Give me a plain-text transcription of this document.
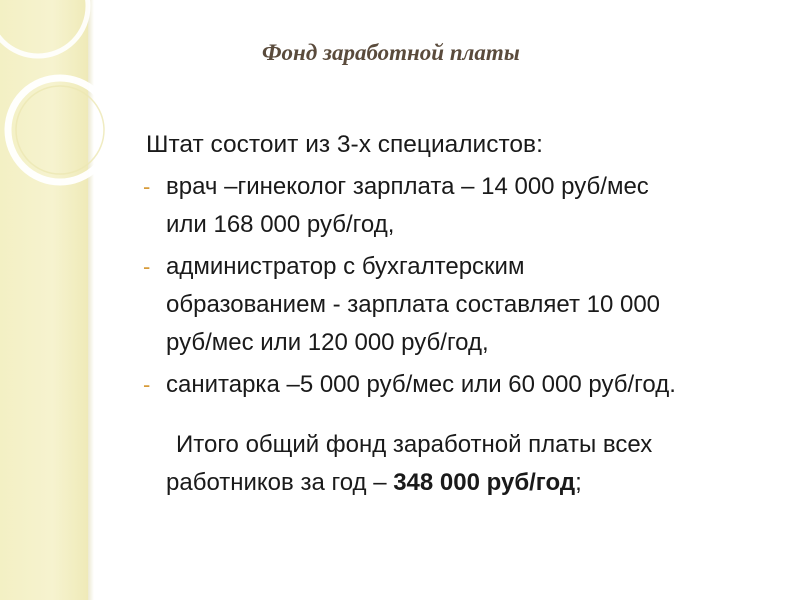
Фонд заработной платы

Штат состоит из 3-х специалистов:

- врач –гинеколог зарплата – 14 000 руб/мес
или 168 000 руб/год,
- администратор с бухгалтерским
образованием - зарплата составляет 10 000
руб/мес или 120 000 руб/год,
- санитарка –5 000 руб/мес или 60 000 руб/год.
Итого общий фонд заработной платы всех
работников за год – 348 000 руб/год;
